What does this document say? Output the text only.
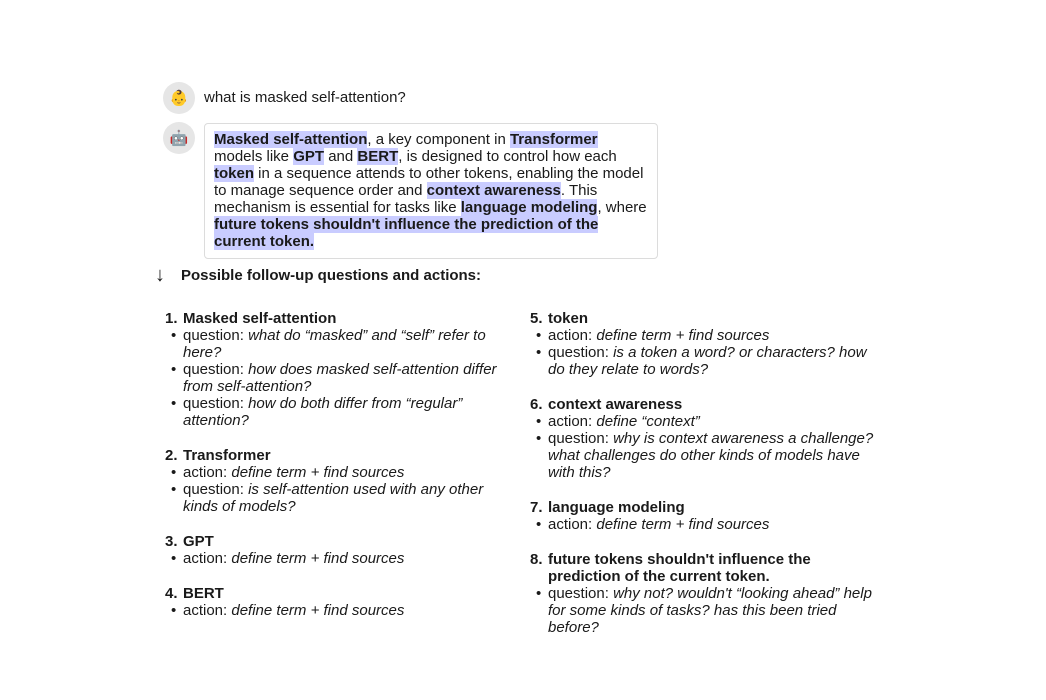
👶 what is masked self-attention?
🤖	Masked self-attention, a key component in Transformer models like GPT and BERT, is designed to control how each token in a sequence attends to other tokens, enabling the model to manage sequence order and context awareness. This mechanism is essential for tasks like language modeling, where future tokens shouldn't influence the prediction of the current token.
↓	Possible follow-up questions and actions:
1. Masked self-attention
• question: what do “masked” and “self” refer to here?
• question: how does masked self-attention differ from self-attention?
• question: how do both differ from “regular” attention?
2. Transformer
• action: define term + find sources
• question: is self-attention used with any other kinds of models?
3. GPT
• action: define term + find sources
4. BERT
• action: define term + find sources
5. token
• action: define term + find sources
• question: is a token a word? or characters? how do they relate to words?
6. context awareness
• action: define “context”
• question: why is context awareness a challenge? what challenges do other kinds of models have with this?
7. language modeling
• action: define term + find sources
8. future tokens shouldn't influence the prediction of the current token.
• question: why not? wouldn't “looking ahead” help for some kinds of tasks? has this been tried before?
